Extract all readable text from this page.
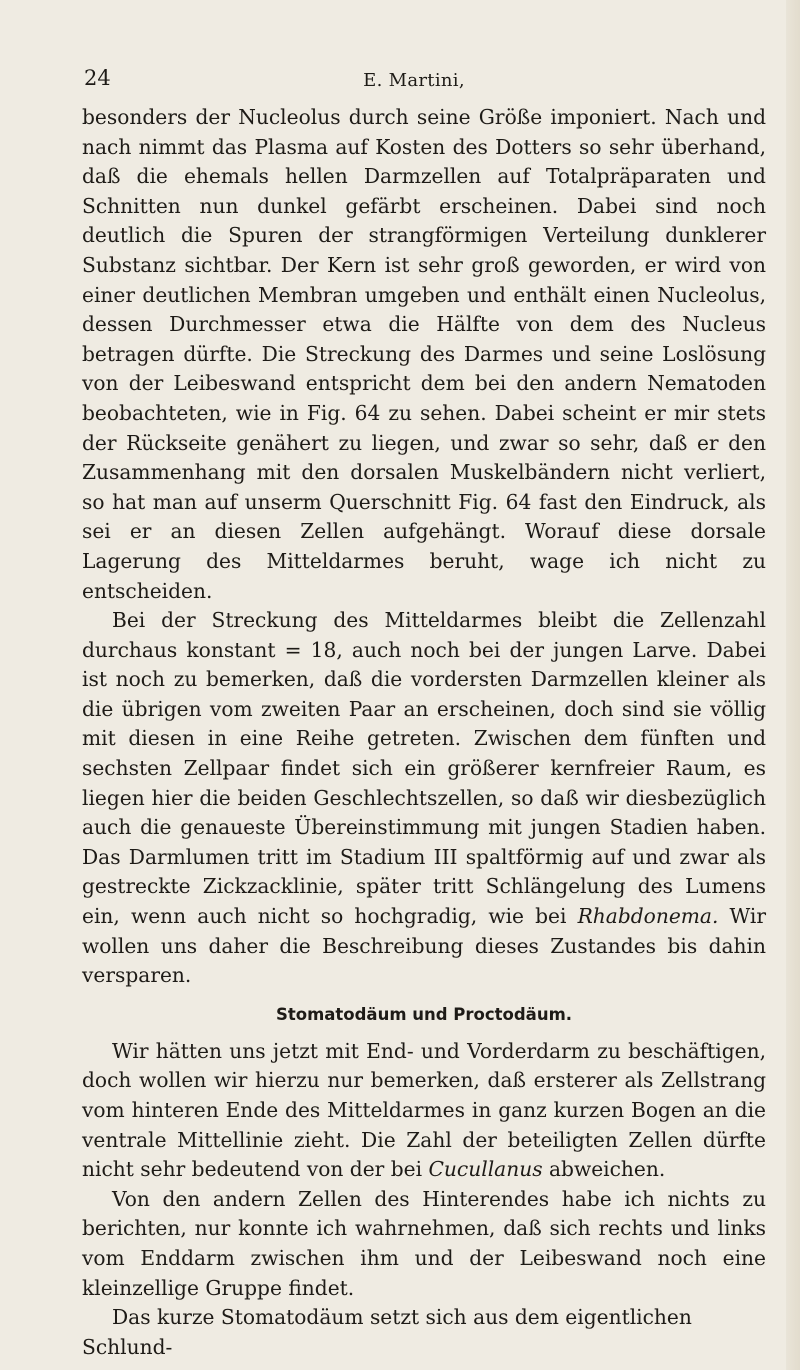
24	E. Martini,

besonders der Nucleolus durch seine Größe imponiert. Nach und nach nimmt das Plasma auf Kosten des Dotters so sehr überhand, daß die ehemals hellen Darmzellen auf Totalpräparaten und Schnitten nun dunkel gefärbt erscheinen. Dabei sind noch deutlich die Spuren der strangförmigen Verteilung dunklerer Substanz sichtbar. Der Kern ist sehr groß geworden, er wird von einer deutlichen Membran umgeben und enthält einen Nucleolus, dessen Durchmesser etwa die Hälfte von dem des Nucleus betragen dürfte. Die Streckung des Darmes und seine Loslösung von der Leibeswand entspricht dem bei den andern Nematoden beobachteten, wie in Fig. 64 zu sehen. Dabei scheint er mir stets der Rückseite genähert zu liegen, und zwar so sehr, daß er den Zusammenhang mit den dorsalen Muskelbändern nicht verliert, so hat man auf unserm Querschnitt Fig. 64 fast den Eindruck, als sei er an diesen Zellen aufgehängt. Worauf diese dorsale Lagerung des Mitteldarmes beruht, wage ich nicht zu entscheiden.

Bei der Streckung des Mitteldarmes bleibt die Zellenzahl durchaus konstant = 18, auch noch bei der jungen Larve. Dabei ist noch zu bemerken, daß die vordersten Darmzellen kleiner als die übrigen vom zweiten Paar an erscheinen, doch sind sie völlig mit diesen in eine Reihe getreten. Zwischen dem fünften und sechsten Zellpaar findet sich ein größerer kernfreier Raum, es liegen hier die beiden Geschlechtszellen, so daß wir diesbezüglich auch die genaueste Übereinstimmung mit jungen Stadien haben. Das Darmlumen tritt im Stadium III spaltförmig auf und zwar als gestreckte Zickzacklinie, später tritt Schlängelung des Lumens ein, wenn auch nicht so hochgradig, wie bei Rhabdonema. Wir wollen uns daher die Beschreibung dieses Zustandes bis dahin versparen.

Stomatodäum und Proctodäum.

Wir hätten uns jetzt mit End- und Vorderdarm zu beschäftigen, doch wollen wir hierzu nur bemerken, daß ersterer als Zellstrang vom hinteren Ende des Mitteldarmes in ganz kurzen Bogen an die ventrale Mittellinie zieht. Die Zahl der beteiligten Zellen dürfte nicht sehr bedeutend von der bei Cucullanus abweichen.

Von den andern Zellen des Hinterendes habe ich nichts zu berichten, nur konnte ich wahrnehmen, daß sich rechts und links vom Enddarm zwischen ihm und der Leibeswand noch eine kleinzellige Gruppe findet.

Das kurze Stomatodäum setzt sich aus dem eigentlichen Schlund-
